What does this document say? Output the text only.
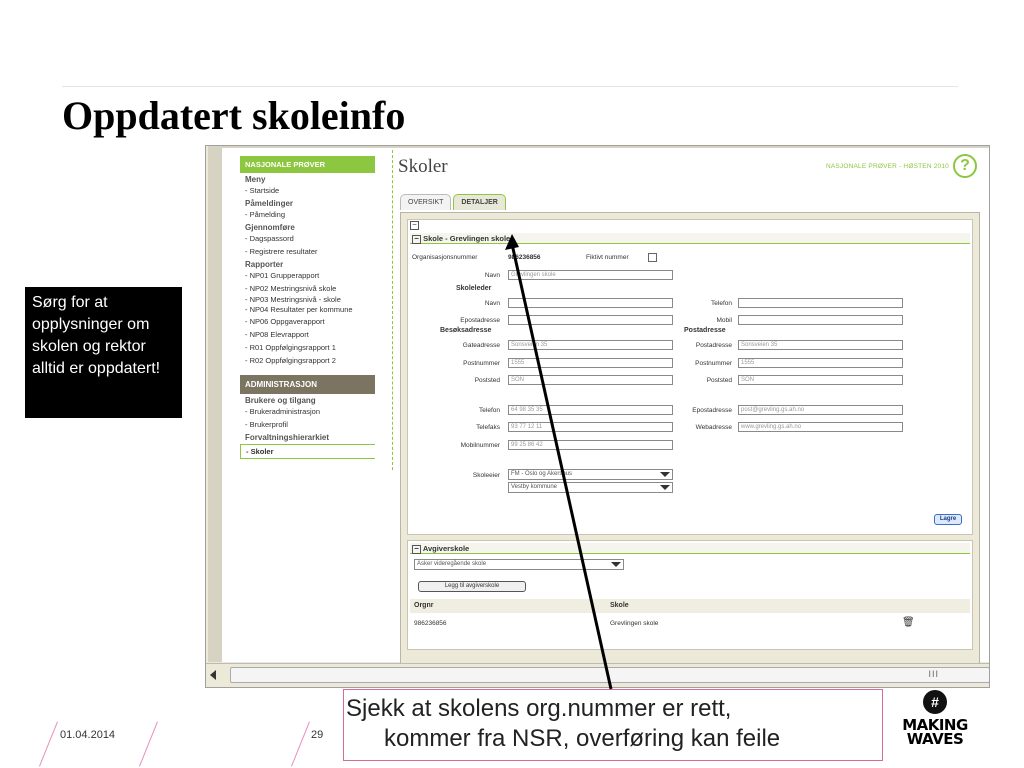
Oppdatert skoleinfo
NASJONALE PRØVER
Meny
- Startside
Påmeldinger
- Påmelding
Gjennomføre
- Dagspassord
- Registrere resultater
Rapporter
- NP01 Grupperapport
- NP02 Mestringsnivå skole
- NP03 Mestringsnivå - skole
- NP04 Resultater per kommune
- NP06 Oppgaverapport
- NP08 Elevrapport
- R01 Oppfølgingsrapport 1
- R02 Oppfølgingsrapport 2
ADMINISTRASJON
Brukere og tilgang
- Brukeradministrasjon
- Brukerprofil
Forvaltningshierarkiet
- Skoler
Skoler	NASJONALE PRØVER - HØSTEN 2010 ?
OVERSIKT	DETALJER
−
− Skole - Grevlingen skole
Organisasjonsnummer	986236856	Fiktivt nummer
Navn	Grevlingen skole
Skoleleder
Navn	Telefon
Epostadresse	Mobil
Besøksadresse	Postadresse
Gateadresse	Sonsveien 35	Postadresse	Sonsveien 35
Postnummer	1555	Postnummer	1555
Poststed	SON	Poststed	SON
Telefon	64 98 35 35	Epostadresse	post@grevling.gs.ah.no
Telefaks	93 77 12 11	Webadresse	www.grevling.gs.ah.no
Mobilnummer	99 25 86 42
Skoleeier	FM - Oslo og Akershus
Vestby kommune
Lagre
− Avgiverskole
Asker videregående skole
Legg til avgiverskole
Orgnr	Skole
986236856	Grevlingen skole	🗑
III
Sørg for at opplysninger om skolen og rektor alltid er oppdatert!
Sjekk at skolens org.nummer er rett,
kommer fra NSR, overføring kan feile
01.04.2014	29
#
MAKING WAVES
